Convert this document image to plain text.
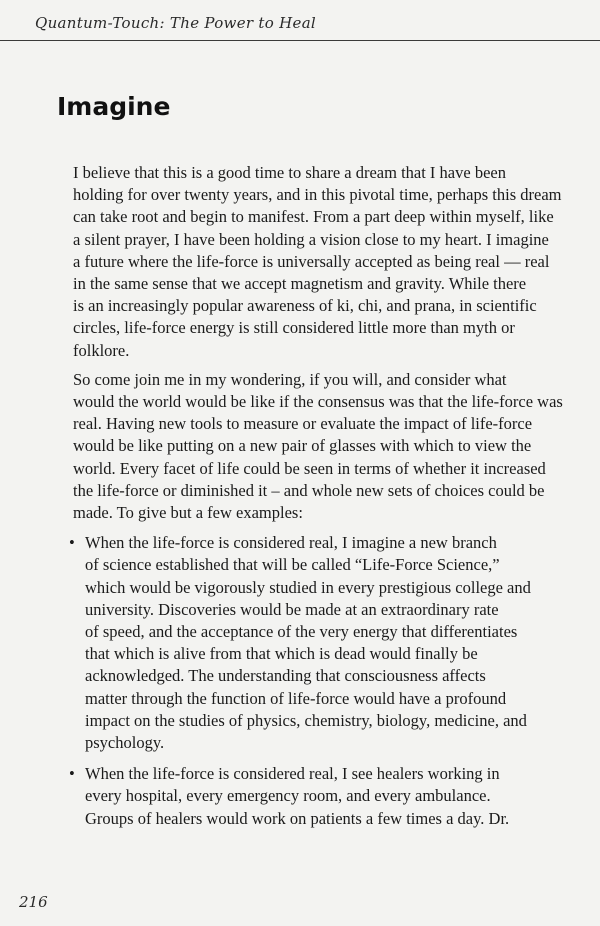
Quantum-Touch: The Power to Heal
Imagine

I believe that this is a good time to share a dream that I have been
holding for over twenty years, and in this pivotal time, perhaps this dream
can take root and begin to manifest. From a part deep within myself, like
a silent prayer, I have been holding a vision close to my heart. I imagine
a future where the life-force is universally accepted as being real — real
in the same sense that we accept magnetism and gravity. While there
is an increasingly popular awareness of ki, chi, and prana, in scientific
circles, life-force energy is still considered little more than myth or
folklore.

So come join me in my wondering, if you will, and consider what
would the world would be like if the consensus was that the life-force was
real. Having new tools to measure or evaluate the impact of life-force
would be like putting on a new pair of glasses with which to view the
world. Every facet of life could be seen in terms of whether it increased
the life-force or diminished it – and whole new sets of choices could be
made. To give but a few examples:

• When the life-force is considered real, I imagine a new branch
of science established that will be called “Life-Force Science,”
which would be vigorously studied in every prestigious college and
university. Discoveries would be made at an extraordinary rate
of speed, and the acceptance of the very energy that differentiates
that which is alive from that which is dead would finally be
acknowledged. The understanding that consciousness affects
matter through the function of life-force would have a profound
impact on the studies of physics, chemistry, biology, medicine, and
psychology.
• When the life-force is considered real, I see healers working in
every hospital, every emergency room, and every ambulance.
Groups of healers would work on patients a few times a day. Dr.
216
